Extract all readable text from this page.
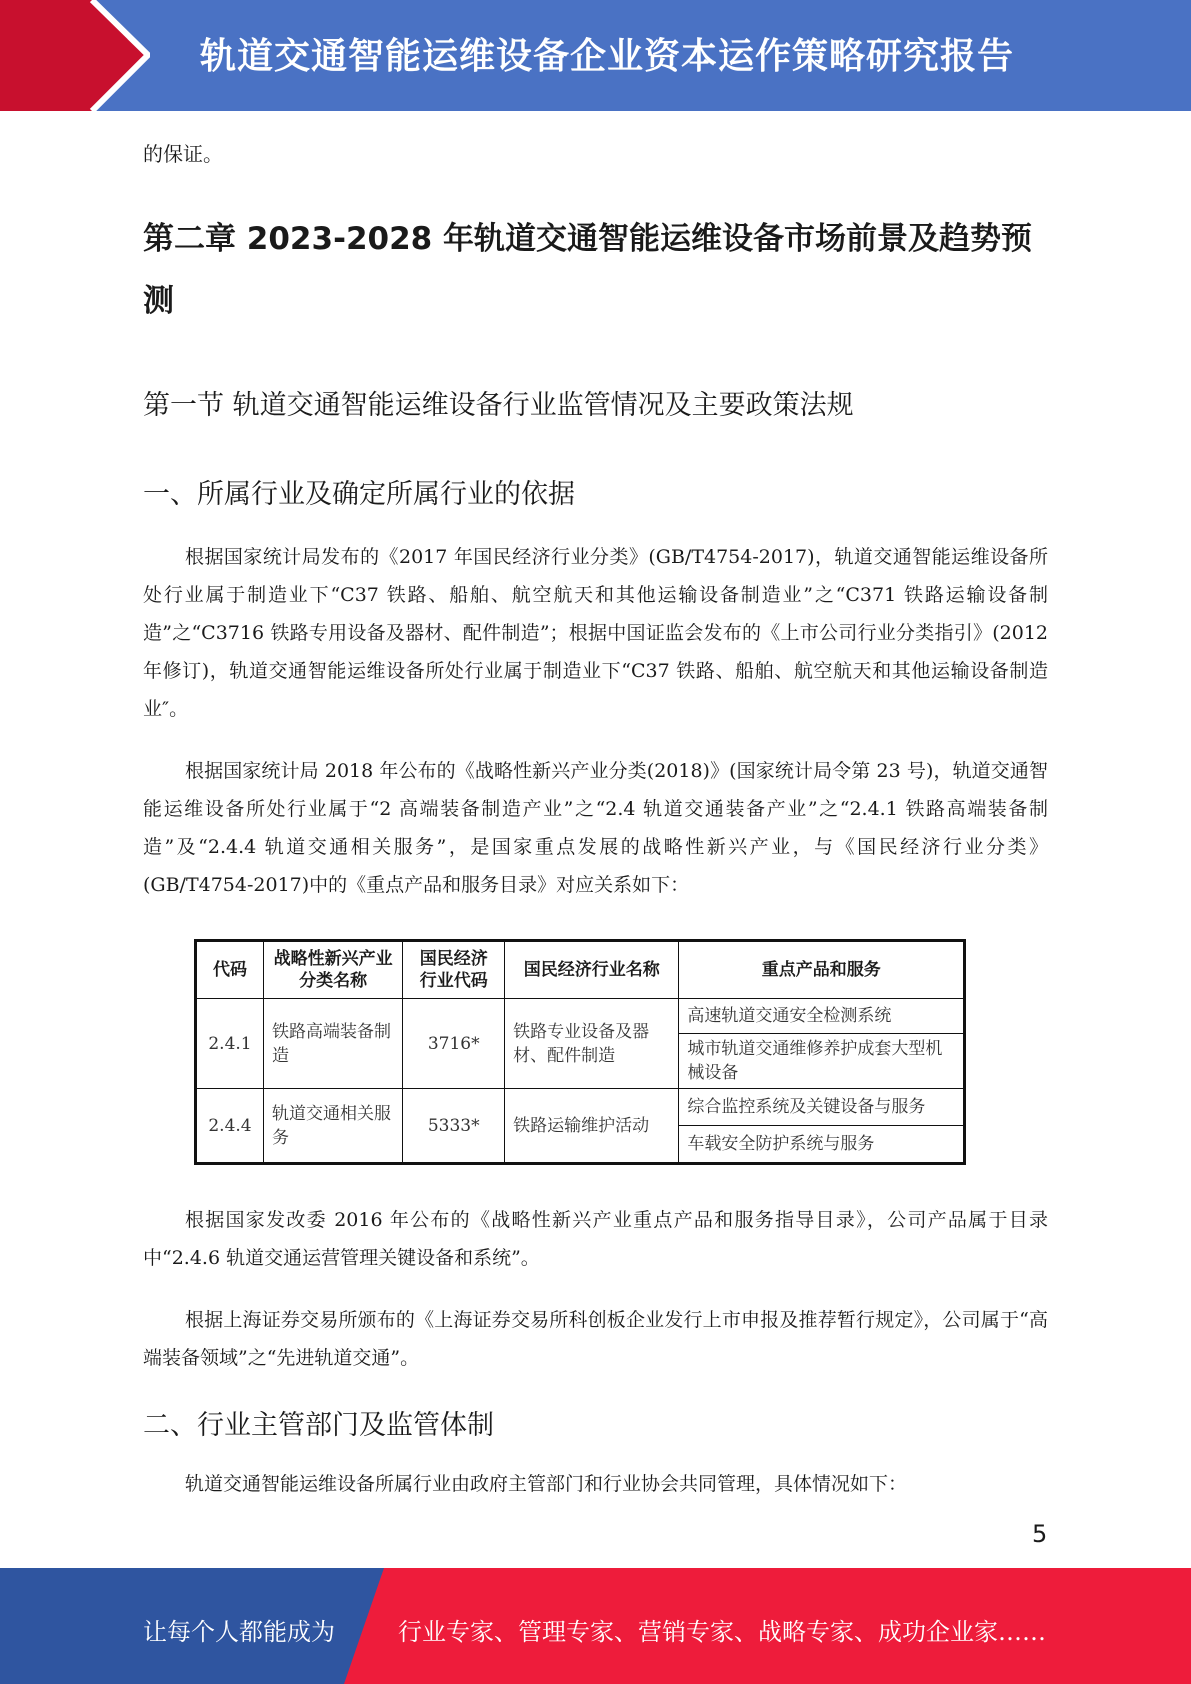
轨道交通智能运维设备企业资本运作策略研究报告
的保证。
第二章 2023-2028 年轨道交通智能运维设备市场前景及趋势预测
第一节 轨道交通智能运维设备行业监管情况及主要政策法规
一、所属行业及确定所属行业的依据

根据国家统计局发布的《2017 年国民经济行业分类》(GB/T4754-2017)，轨道交通智能运维设备所处行业属于制造业下“C37 铁路、船舶、航空航天和其他运输设备制造业”之“C371 铁路运输设备制造”之“C3716 铁路专用设备及器材、配件制造”；根据中国证监会发布的《上市公司行业分类指引》(2012 年修订)，轨道交通智能运维设备所处行业属于制造业下“C37 铁路、船舶、航空航天和其他运输设备制造业″。

根据国家统计局 2018 年公布的《战略性新兴产业分类(2018)》(国家统计局令第 23 号)，轨道交通智能运维设备所处行业属于“2 高端装备制造产业”之“2.4 轨道交通装备产业”之“2.4.1 铁路高端装备制造”及“2.4.4 轨道交通相关服务”，是国家重点发展的战略性新兴产业，与《国民经济行业分类》(GB/T4754-2017)中的《重点产品和服务目录》对应关系如下：

代码	战略性新兴产业分类名称	国民经济行业代码	国民经济行业名称	重点产品和服务
2.4.1	铁路高端装备制造	3716*	铁路专业设备及器材、配件制造	高速轨道交通安全检测系统
				城市轨道交通维修养护成套大型机械设备
2.4.4	轨道交通相关服务	5333*	铁路运输维护活动	综合监控系统及关键设备与服务
				车载安全防护系统与服务

根据国家发改委 2016 年公布的《战略性新兴产业重点产品和服务指导目录》，公司产品属于目录中“2.4.6 轨道交通运营管理关键设备和系统”。

根据上海证券交易所颁布的《上海证券交易所科创板企业发行上市申报及推荐暂行规定》，公司属于“高端装备领域”之“先进轨道交通”。

二、行业主管部门及监管体制

轨道交通智能运维设备所属行业由政府主管部门和行业协会共同管理，具体情况如下：

5
让每个人都能成为	行业专家、管理专家、营销专家、战略专家、成功企业家……
